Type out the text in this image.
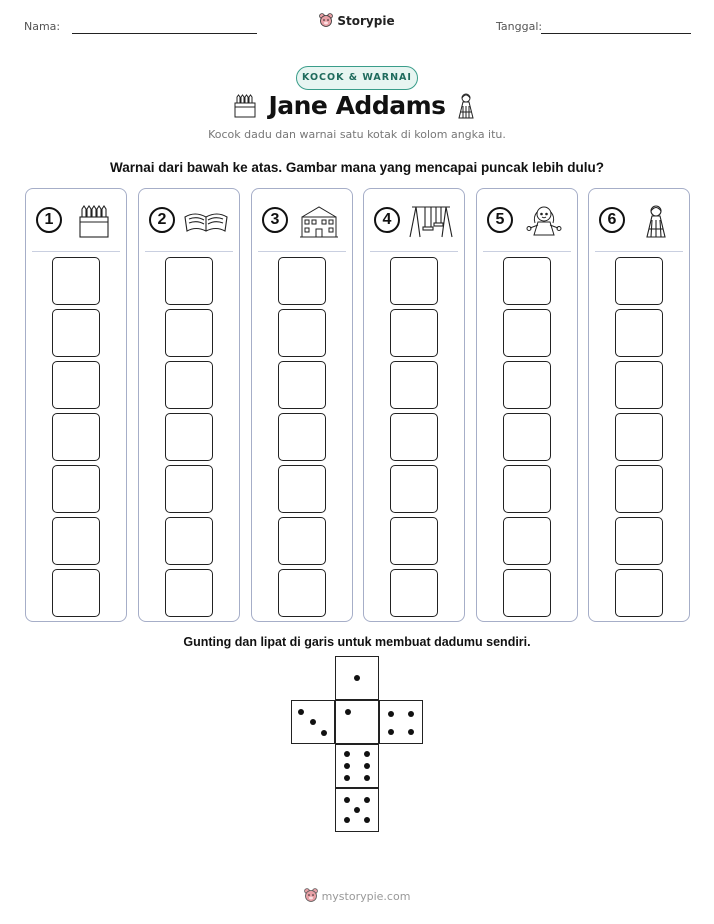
Nama:	Storypie	Tanggal:
KOCOK & WARNAI
Jane Addams
Kocok dadu dan warnai satu kotak di kolom angka itu.
Warnai dari bawah ke atas. Gambar mana yang mencapai puncak lebih dulu?
1	2	3	4	5	6
Gunting dan lipat di garis untuk membuat dadumu sendiri.
mystorypie.com
